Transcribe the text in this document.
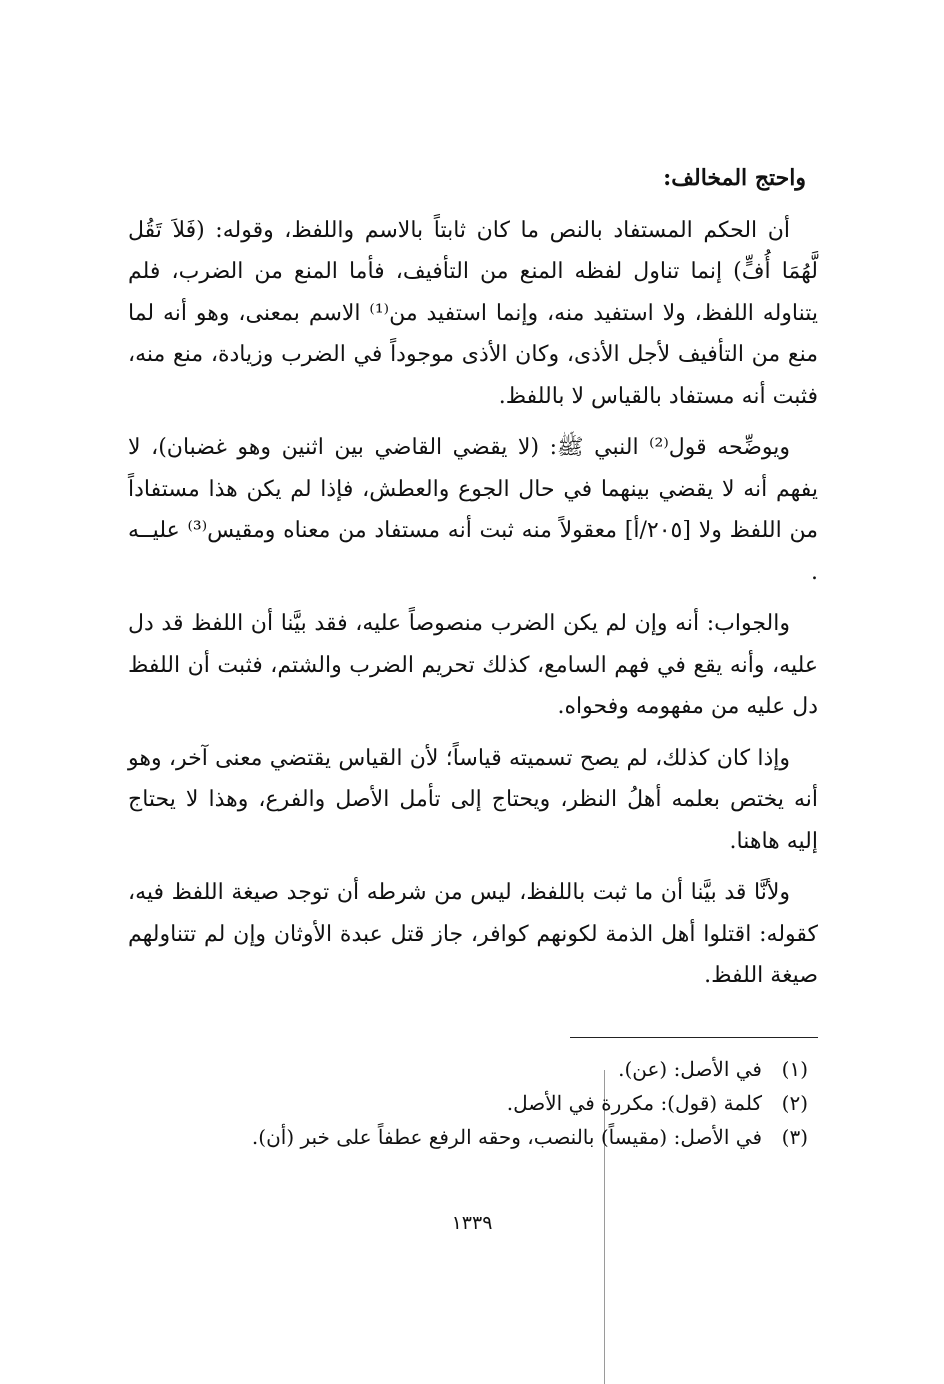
واحتج المخالف:

أن الحكم المستفاد بالنص ما كان ثابتاً بالاسم واللفظ، وقوله: (فَلاَ تَقُل لَّهُمَا أُفٍّ) إنما تناول لفظه المنع من التأفيف، فأما المنع من الضرب، فلم يتناوله اللفظ، ولا استفيد منه، وإنما استفيد من⁽¹⁾ الاسم بمعنى، وهو أنه لما منع من التأفيف لأجل الأذى، وكان الأذى موجوداً في الضرب وزيادة، منع منه، فثبت أنه مستفاد بالقياس لا باللفظ.

ويوضِّحه قول⁽²⁾ النبي ﷺ: (لا يقضي القاضي بين اثنين وهو غضبان)، لا يفهم أنه لا يقضي بينهما في حال الجوع والعطش، فإذا لم يكن هذا مستفاداً من اللفظ ولا [٢٠٥/أ] معقولاً منه ثبت أنه مستفاد من معناه ومقيس⁽³⁾ عليــه .

والجواب: أنه وإن لم يكن الضرب منصوصاً عليه، فقد بيَّنا أن اللفظ قد دل عليه، وأنه يقع في فهم السامع، كذلك تحريم الضرب والشتم، فثبت أن اللفظ دل عليه من مفهومه وفحواه.

وإذا كان كذلك، لم يصح تسميته قياساً؛ لأن القياس يقتضي معنى آخر، وهو أنه يختص بعلمه أهلُ النظر، ويحتاج إلى تأمل الأصل والفرع، وهذا لا يحتاج إليه هاهنا.

ولأنَّا قد بيَّنا أن ما ثبت باللفظ، ليس من شرطه أن توجد صيغة اللفظ فيه، كقوله: اقتلوا أهل الذمة لكونهم كوافر، جاز قتل عبدة الأوثان وإن لم تتناولهم صيغة اللفظ.

(١)
في الأصل: (عن).
(٢)
كلمة (قول): مكررة في الأصل.
(٣)
في الأصل: (مقيساً) بالنصب، وحقه الرفع عطفاً على خبر (أن).
١٣٣٩
